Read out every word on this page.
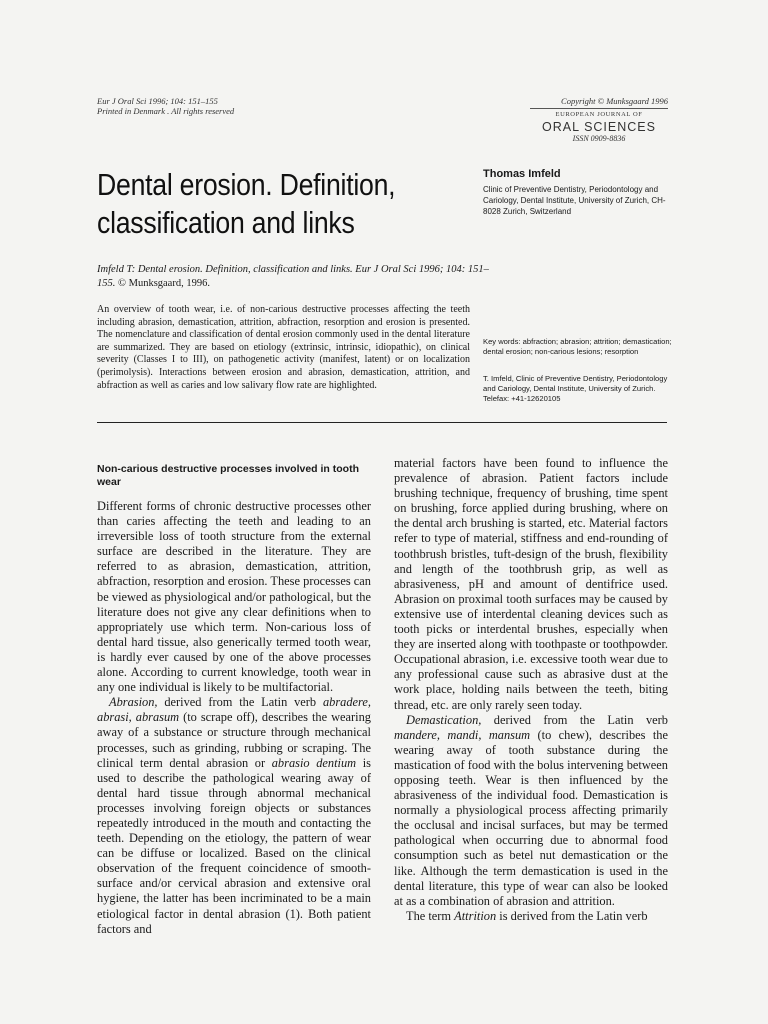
Eur J Oral Sci 1996; 104: 151–155
Printed in Denmark . All rights reserved
Copyright © Munksgaard 1996
EUROPEAN JOURNAL OF
ORAL SCIENCES
ISSN 0909-8836
Dental erosion. Definition, classification and links
Thomas Imfeld
Clinic of Preventive Dentistry, Periodontology and Cariology, Dental Institute, University of Zurich, CH-8028 Zurich, Switzerland
Imfeld T: Dental erosion. Definition, classification and links. Eur J Oral Sci 1996; 104: 151–155. © Munksgaard, 1996.
An overview of tooth wear, i.e. of non-carious destructive processes affecting the teeth including abrasion, demastication, attrition, abfraction, resorption and erosion is presented. The nomenclature and classification of dental erosion commonly used in the dental literature are summarized. They are based on etiology (extrinsic, intrinsic, idiopathic), on clinical severity (Classes I to III), on pathogenetic activity (manifest, latent) or on localization (perimolysis). Interactions between erosion and abrasion, demastication, attrition, and abfraction as well as caries and low salivary flow rate are highlighted.
Key words: abfraction; abrasion; attrition; demastication; dental erosion; non-carious lesions; resorption
T. Imfeld, Clinic of Preventive Dentistry, Periodontology and Cariology, Dental Institute, University of Zurich. Telefax: +41-12620105

Non-carious destructive processes involved in tooth wear

Different forms of chronic destructive processes other than caries affecting the teeth and leading to an irreversible loss of tooth structure from the external surface are described in the literature. They are referred to as abrasion, demastication, attrition, abfraction, resorption and erosion. These processes can be viewed as physiological and/or pathological, but the literature does not give any clear definitions when to appropriately use which term. Non-carious loss of dental hard tissue, also generically termed tooth wear, is hardly ever caused by one of the above processes alone. According to current knowledge, tooth wear in any one individual is likely to be multifactorial.

Abrasion, derived from the Latin verb abradere, abrasi, abrasum (to scrape off), describes the wearing away of a substance or structure through mechanical processes, such as grinding, rubbing or scraping. The clinical term dental abrasion or abrasio dentium is used to describe the pathological wearing away of dental hard tissue through abnormal mechanical processes involving foreign objects or substances repeatedly introduced in the mouth and contacting the teeth. Depending on the etiology, the pattern of wear can be diffuse or localized. Based on the clinical observation of the frequent coincidence of smooth-surface and/or cervical abrasion and extensive oral hygiene, the latter has been incriminated to be a main etiological factor in dental abrasion (1). Both patient factors and

material factors have been found to influence the prevalence of abrasion. Patient factors include brushing technique, frequency of brushing, time spent on brushing, force applied during brushing, where on the dental arch brushing is started, etc. Material factors refer to type of material, stiffness and end-rounding of toothbrush bristles, tuft-design of the brush, flexibility and length of the toothbrush grip, as well as abrasiveness, pH and amount of dentifrice used. Abrasion on proximal tooth surfaces may be caused by extensive use of interdental cleaning devices such as tooth picks or interdental brushes, especially when they are inserted along with toothpaste or toothpowder. Occupational abrasion, i.e. excessive tooth wear due to any professional cause such as abrasive dust at the work place, holding nails between the teeth, biting thread, etc. are only rarely seen today.

Demastication, derived from the Latin verb mandere, mandi, mansum (to chew), describes the wearing away of tooth substance during the mastication of food with the bolus intervening between opposing teeth. Wear is then influenced by the abrasiveness of the individual food. Demastication is normally a physiological process affecting primarily the occlusal and incisal surfaces, but may be termed pathological when occurring due to abnormal food consumption such as betel nut demastication or the like. Although the term demastication is used in the dental literature, this type of wear can also be looked at as a combination of abrasion and attrition.

The term Attrition is derived from the Latin verb
